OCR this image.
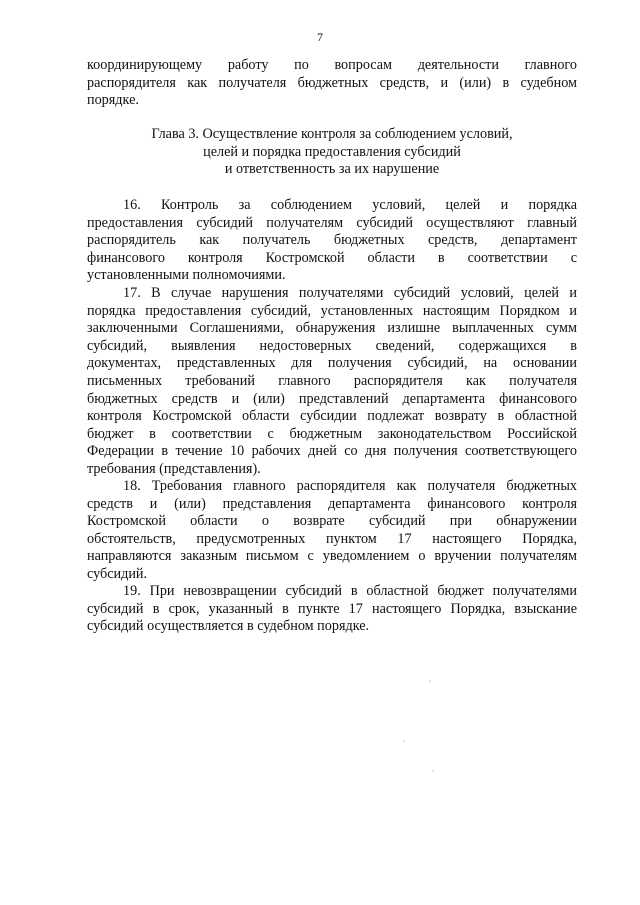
7
координирующему работу по вопросам деятельности главного
распорядителя как получателя бюджетных средств, и (или) в судебном
порядке.
Глава 3. Осуществление контроля за соблюдением условий,
целей и порядка предоставления субсидий
и ответственность за их нарушение
16. Контроль за соблюдением условий, целей и порядка
предоставления субсидий получателям субсидий осуществляют главный
распорядитель как получатель бюджетных средств, департамент
финансового контроля Костромской области в соответствии с
установленными полномочиями.
17. В случае нарушения получателями субсидий условий, целей и
порядка предоставления субсидий, установленных настоящим Порядком и
заключенными Соглашениями, обнаружения излишне выплаченных сумм
субсидий, выявления недостоверных сведений, содержащихся в
документах, представленных для получения субсидий, на основании
письменных требований главного распорядителя как получателя
бюджетных средств и (или) представлений департамента финансового
контроля Костромской области субсидии подлежат возврату в областной
бюджет в соответствии с бюджетным законодательством Российской
Федерации в течение 10 рабочих дней со дня получения соответствующего
требования (представления).
18. Требования главного распорядителя как получателя бюджетных
средств и (или) представления департамента финансового контроля
Костромской области о возврате субсидий при обнаружении
обстоятельств, предусмотренных пунктом 17 настоящего Порядка,
направляются заказным письмом с уведомлением о вручении получателям
субсидий.
19. При невозвращении субсидий в областной бюджет получателями
субсидий в срок, указанный в пункте 17 настоящего Порядка, взыскание
субсидий осуществляется в судебном порядке.
